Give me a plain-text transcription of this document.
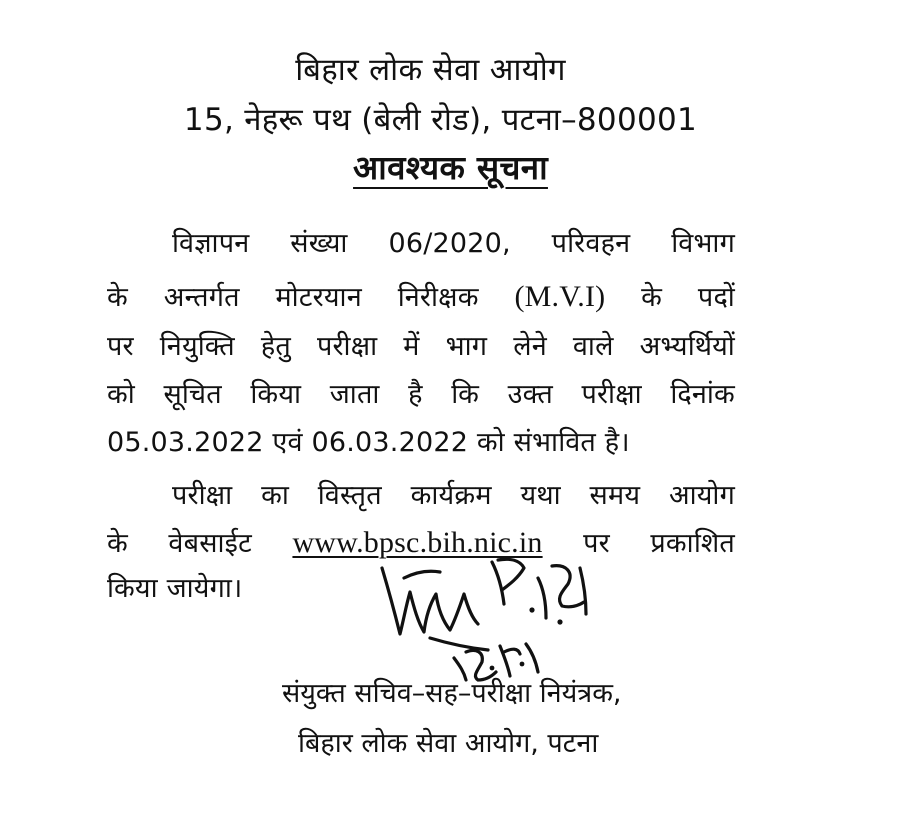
बिहार लोक सेवा आयोग
15, नेहरू पथ (बेली रोड), पटना–800001
आवश्यक सूचना
विज्ञापन संख्या 06/2020, परिवहन विभाग
के अन्तर्गत मोटरयान निरीक्षक (M.V.I) के पदों
पर नियुक्ति हेतु परीक्षा में भाग लेने वाले अभ्यर्थियों
को सूचित किया जाता है कि उक्त परीक्षा दिनांक
05.03.2022 एवं 06.03.2022 को संभावित है।
परीक्षा का विस्तृत कार्यक्रम यथा समय आयोग
के वेबसाईट www.bpsc.bih.nic.in पर प्रकाशित
किया जायेगा।
संयुक्त सचिव–सह–परीक्षा नियंत्रक,
बिहार लोक सेवा आयोग, पटना
